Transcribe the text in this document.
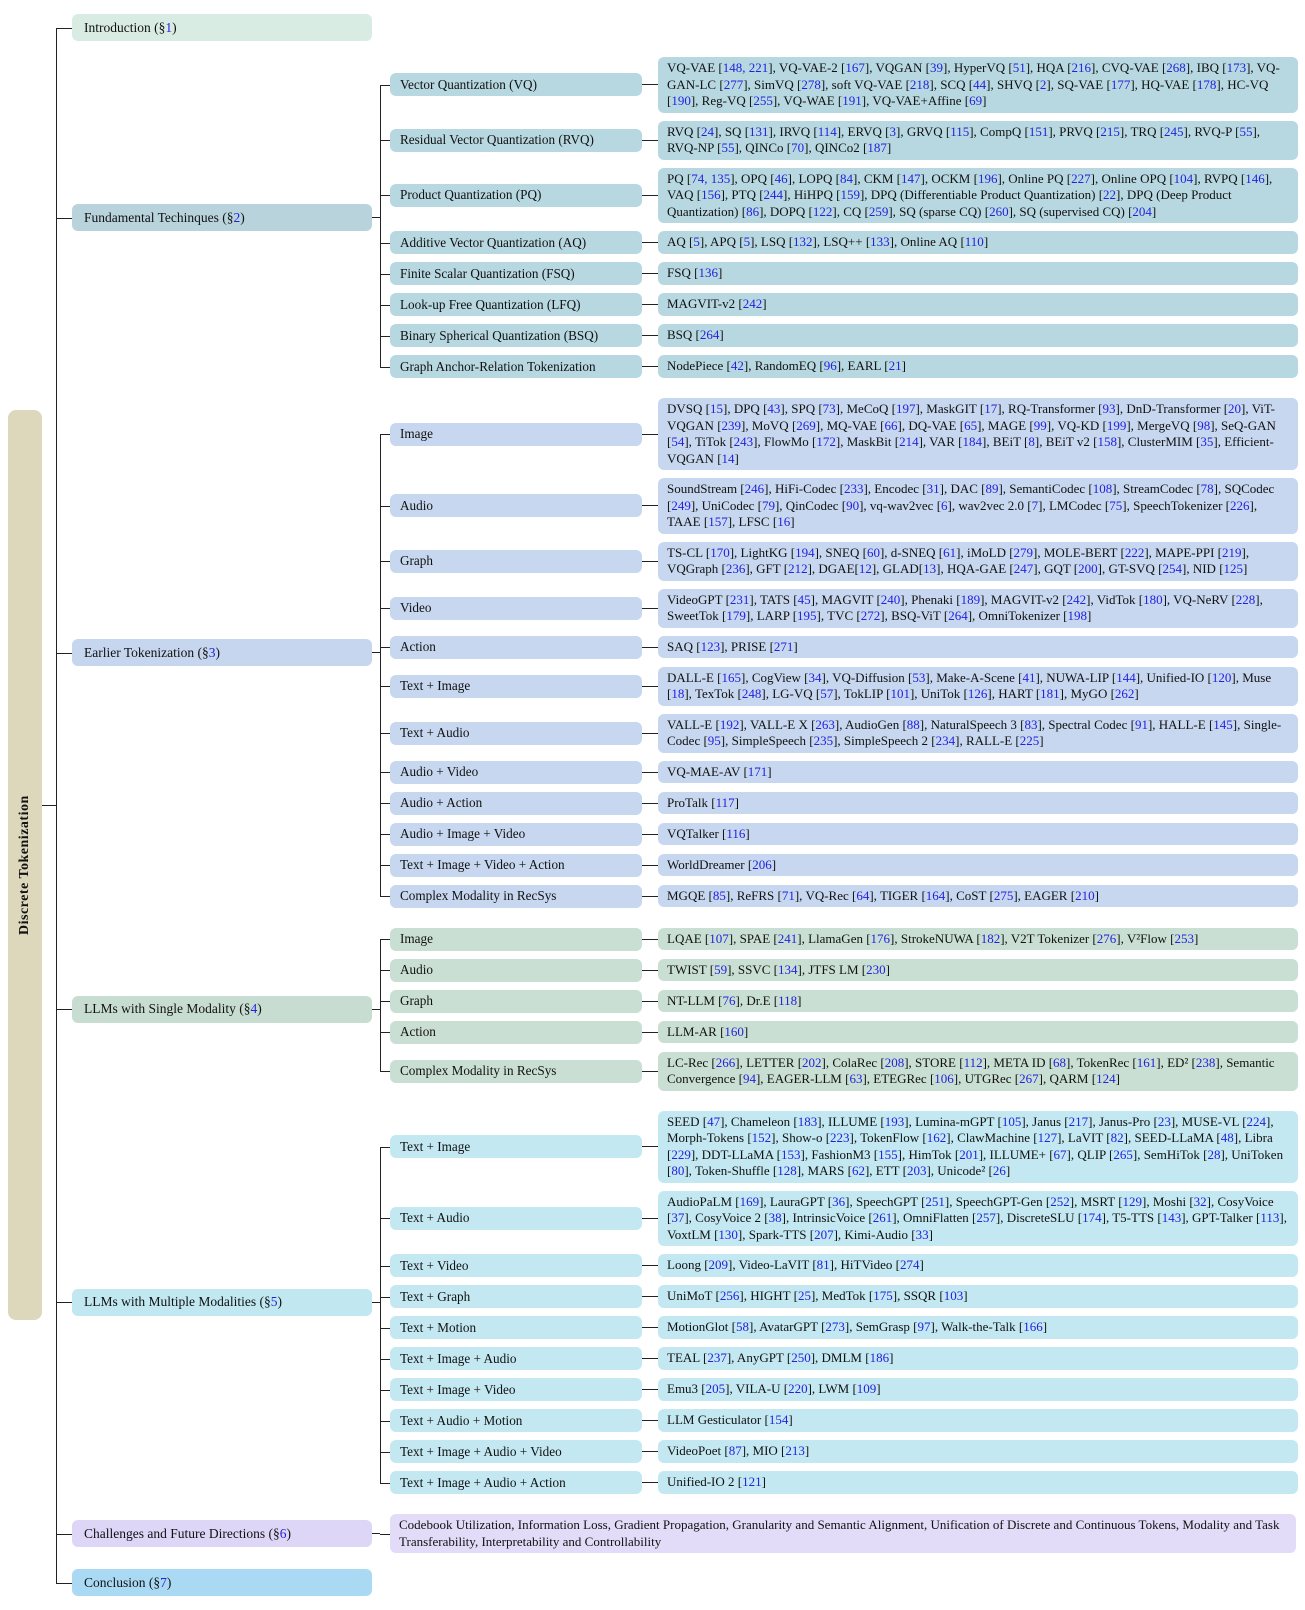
Discrete Tokenization
Introduction (§ 1 )
Fundamental Techinques (§ 2 )
Vector Quantization (VQ)
VQ-VAE [148, 221], VQ-VAE-2 [167], VQGAN [39], HyperVQ [51], HQA [216], CVQ-VAE [268], IBQ [173], VQ-GAN-LC [277], SimVQ [278], soft VQ-VAE [218], SCQ [44], SHVQ [2], SQ-VAE [177], HQ-VAE [178], HC-VQ [190], Reg-VQ [255], VQ-WAE [191], VQ-VAE+Affine [69]
Residual Vector Quantization (RVQ)
RVQ [24], SQ [131], IRVQ [114], ERVQ [3], GRVQ [115], CompQ [151], PRVQ [215], TRQ [245], RVQ-P [55], RVQ-NP [55], QINCo [70], QINCo2 [187]
Product Quantization (PQ)
PQ [74, 135], OPQ [46], LOPQ [84], CKM [147], OCKM [196], Online PQ [227], Online OPQ [104], RVPQ [146], VAQ [156], PTQ [244], HiHPQ [159], DPQ (Differentiable Product Quantization) [22], DPQ (Deep Product Quantization) [86], DOPQ [122], CQ [259], SQ (sparse CQ) [260], SQ (supervised CQ) [204]
Additive Vector Quantization (AQ)	AQ [5], APQ [5], LSQ [132], LSQ++ [133], Online AQ [110]
Finite Scalar Quantization (FSQ)	FSQ [136]
Look-up Free Quantization (LFQ)	MAGVIT-v2 [242]
Binary Spherical Quantization (BSQ)	BSQ [264]
Graph Anchor-Relation Tokenization	NodePiece [42], RandomEQ [96], EARL [21]
Earlier Tokenization (§ 3 )
Image
DVSQ [15], DPQ [43], SPQ [73], MeCoQ [197], MaskGIT [17], RQ-Transformer [93], DnD-Transformer [20], ViT-VQGAN [239], MoVQ [269], MQ-VAE [66], DQ-VAE [65], MAGE [99], VQ-KD [199], MergeVQ [98], SeQ-GAN [54], TiTok [243], FlowMo [172], MaskBit [214], VAR [184], BEiT [8], BEiT v2 [158], ClusterMIM [35], Efficient-VQGAN [14]
Audio
SoundStream [246], HiFi-Codec [233], Encodec [31], DAC [89], SemantiCodec [108], StreamCodec [78], SQCodec [249], UniCodec [79], QinCodec [90], vq-wav2vec [6], wav2vec 2.0 [7], LMCodec [75], SpeechTokenizer [226], TAAE [157], LFSC [16]
Graph
TS-CL [170], LightKG [194], SNEQ [60], d-SNEQ [61], iMoLD [279], MOLE-BERT [222], MAPE-PPI [219], VQGraph [236], GFT [212], DGAE[12], GLAD[13], HQA-GAE [247], GQT [200], GT-SVQ [254], NID [125]
Video
VideoGPT [231], TATS [45], MAGVIT [240], Phenaki [189], MAGVIT-v2 [242], VidTok [180], VQ-NeRV [228], SweetTok [179], LARP [195], TVC [272], BSQ-ViT [264], OmniTokenizer [198]
Action	SAQ [123], PRISE [271]
Text + Image
DALL-E [165], CogView [34], VQ-Diffusion [53], Make-A-Scene [41], NUWA-LIP [144], Unified-IO [120], Muse [18], TexTok [248], LG-VQ [57], TokLIP [101], UniTok [126], HART [181], MyGO [262]
Text + Audio
VALL-E [192], VALL-E X [263], AudioGen [88], NaturalSpeech 3 [83], Spectral Codec [91], HALL-E [145], Single-Codec [95], SimpleSpeech [235], SimpleSpeech 2 [234], RALL-E [225]
Audio + Video	VQ-MAE-AV [171]
Audio + Action	ProTalk [117]
Audio + Image + Video	VQTalker [116]
Text + Image + Video + Action	WorldDreamer [206]
Complex Modality in RecSys	MGQE [85], ReFRS [71], VQ-Rec [64], TIGER [164], CoST [275], EAGER [210]
LLMs with Single Modality (§ 4 )
Image	LQAE [107], SPAE [241], LlamaGen [176], StrokeNUWA [182], V2T Tokenizer [276], V²Flow [253]
Audio	TWIST [59], SSVC [134], JTFS LM [230]
Graph	NT-LLM [76], Dr.E [118]
Action	LLM-AR [160]
Complex Modality in RecSys
LC-Rec [266], LETTER [202], ColaRec [208], STORE [112], META ID [68], TokenRec [161], ED² [238], Semantic Convergence [94], EAGER-LLM [63], ETEGRec [106], UTGRec [267], QARM [124]
LLMs with Multiple Modalities (§ 5 )
Text + Image
SEED [47], Chameleon [183], ILLUME [193], Lumina-mGPT [105], Janus [217], Janus-Pro [23], MUSE-VL [224], Morph-Tokens [152], Show-o [223], TokenFlow [162], ClawMachine [127], LaVIT [82], SEED-LLaMA [48], Libra [229], DDT-LLaMA [153], FashionM3 [155], HimTok [201], ILLUME+ [67], QLIP [265], SemHiTok [28], UniToken [80], Token-Shuffle [128], MARS [62], ETT [203], Unicode² [26]
Text + Audio
AudioPaLM [169], LauraGPT [36], SpeechGPT [251], SpeechGPT-Gen [252], MSRT [129], Moshi [32], CosyVoice [37], CosyVoice 2 [38], IntrinsicVoice [261], OmniFlatten [257], DiscreteSLU [174], T5-TTS [143], GPT-Talker [113], VoxtLM [130], Spark-TTS [207], Kimi-Audio [33]
Text + Video	Loong [209], Video-LaVIT [81], HiTVideo [274]
Text + Graph	UniMoT [256], HIGHT [25], MedTok [175], SSQR [103]
Text + Motion	MotionGlot [58], AvatarGPT [273], SemGrasp [97], Walk-the-Talk [166]
Text + Image + Audio	TEAL [237], AnyGPT [250], DMLM [186]
Text + Image + Video	Emu3 [205], VILA-U [220], LWM [109]
Text + Audio + Motion	LLM Gesticulator [154]
Text + Image + Audio + Video	VideoPoet [87], MIO [213]
Text + Image + Audio + Action	Unified-IO 2 [121]
Challenges and Future Directions (§ 6 )
Codebook Utilization, Information Loss, Gradient Propagation, Granularity and Semantic Alignment, Unification of Discrete and Continuous Tokens, Modality and Task Transferability, Interpretability and Controllability
Conclusion (§ 7 )
